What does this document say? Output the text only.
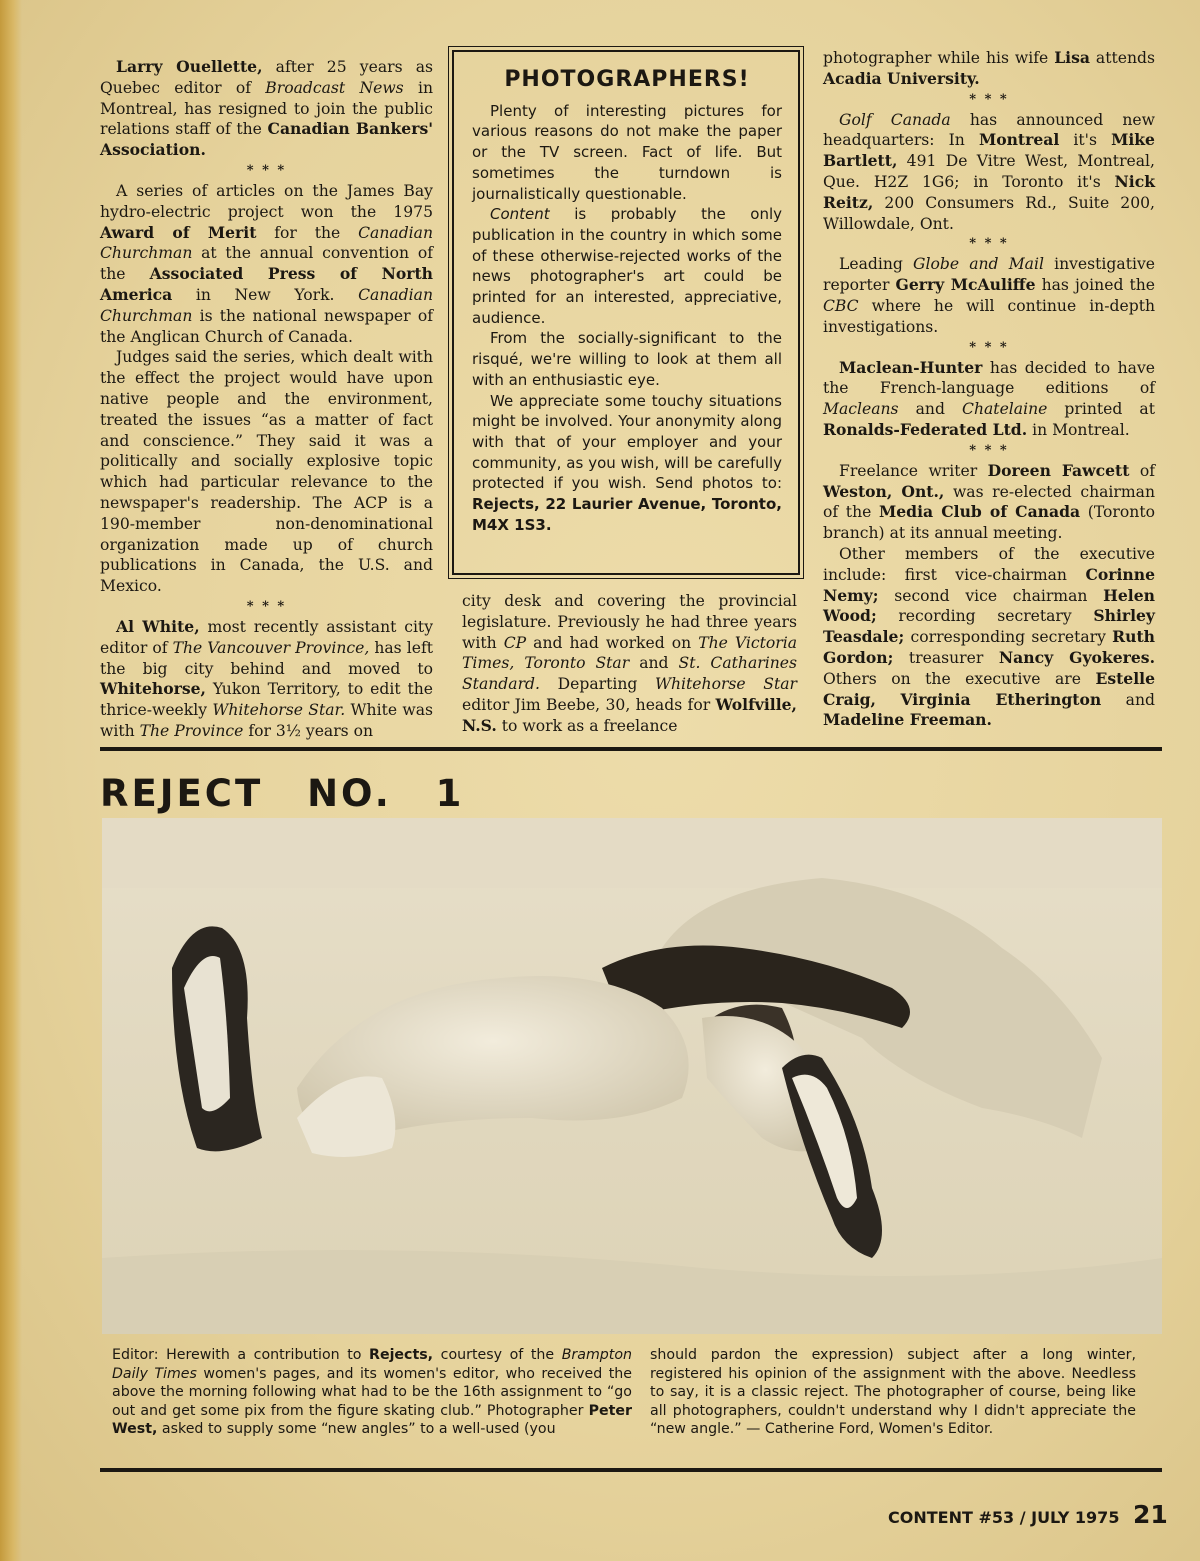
Larry Ouellette, after 25 years as Quebec editor of Broadcast News in Montreal, has resigned to join the public relations staff of the Canadian Bankers' Association.

* * *

A series of articles on the James Bay hydro-electric project won the 1975 Award of Merit for the Canadian Churchman at the annual convention of the Associated Press of North America in New York. Canadian Churchman is the national newspaper of the Anglican Church of Canada.

Judges said the series, which dealt with the effect the project would have upon native people and the environment, treated the issues “as a matter of fact and conscience.” They said it was a politically and socially explosive topic which had particular relevance to the newspaper's readership. The ACP is a 190-member non-denominational organization made up of church publications in Canada, the U.S. and Mexico.

* * *

Al White, most recently assistant city editor of The Vancouver Province, has left the big city behind and moved to Whitehorse, Yukon Territory, to edit the thrice-weekly Whitehorse Star. White was with The Province for 3½ years on

PHOTOGRAPHERS!

Plenty of interesting pictures for various reasons do not make the paper or the TV screen. Fact of life. But sometimes the turndown is journalistically questionable.

Content is probably the only publication in the country in which some of these otherwise-rejected works of the news photographer's art could be printed for an interested, appreciative, audience.

From the socially-significant to the risqué, we're willing to look at them all with an enthusiastic eye.

We appreciate some touchy situations might be involved. Your anonymity along with that of your employer and your community, as you wish, will be carefully protected if you wish. Send photos to: Rejects, 22 Laurier Avenue, Toronto, M4X 1S3.

city desk and covering the provincial legislature. Previously he had three years with CP and had worked on The Victoria Times, Toronto Star and St. Catharines Standard. Departing Whitehorse Star editor Jim Beebe, 30, heads for Wolfville, N.S. to work as a freelance

photographer while his wife Lisa attends Acadia University.

* * *

Golf Canada has announced new headquarters: In Montreal it's Mike Bartlett, 491 De Vitre West, Montreal, Que. H2Z 1G6; in Toronto it's Nick Reitz, 200 Consumers Rd., Suite 200, Willowdale, Ont.

* * *

Leading Globe and Mail investigative reporter Gerry McAuliffe has joined the CBC where he will continue in-depth investigations.

* * *

Maclean-Hunter has decided to have the French-language editions of Macleans and Chatelaine printed at Ronalds-Federated Ltd. in Montreal.

* * *

Freelance writer Doreen Fawcett of Weston, Ont., was re-elected chairman of the Media Club of Canada (Toronto branch) at its annual meeting.

Other members of the executive include: first vice-chairman Corinne Nemy; second vice chairman Helen Wood; recording secretary Shirley Teasdale; corresponding secretary Ruth Gordon; treasurer Nancy Gyokeres. Others on the executive are Estelle Craig, Virginia Etherington and Madeline Freeman.

REJECT NO. 1
Editor: Herewith a contribution to Rejects, courtesy of the Brampton Daily Times women's pages, and its women's editor, who received the above the morning following what had to be the 16th assignment to “go out and get some pix from the figure skating club.” Photographer Peter West, asked to supply some “new angles” to a well-used (you
should pardon the expression) subject after a long winter, registered his opinion of the assignment with the above. Needless to say, it is a classic reject. The photographer of course, being like all photographers, couldn't understand why I didn't appreciate the “new angle.” — Catherine Ford, Women's Editor.
CONTENT #53 / JULY 1975 21
